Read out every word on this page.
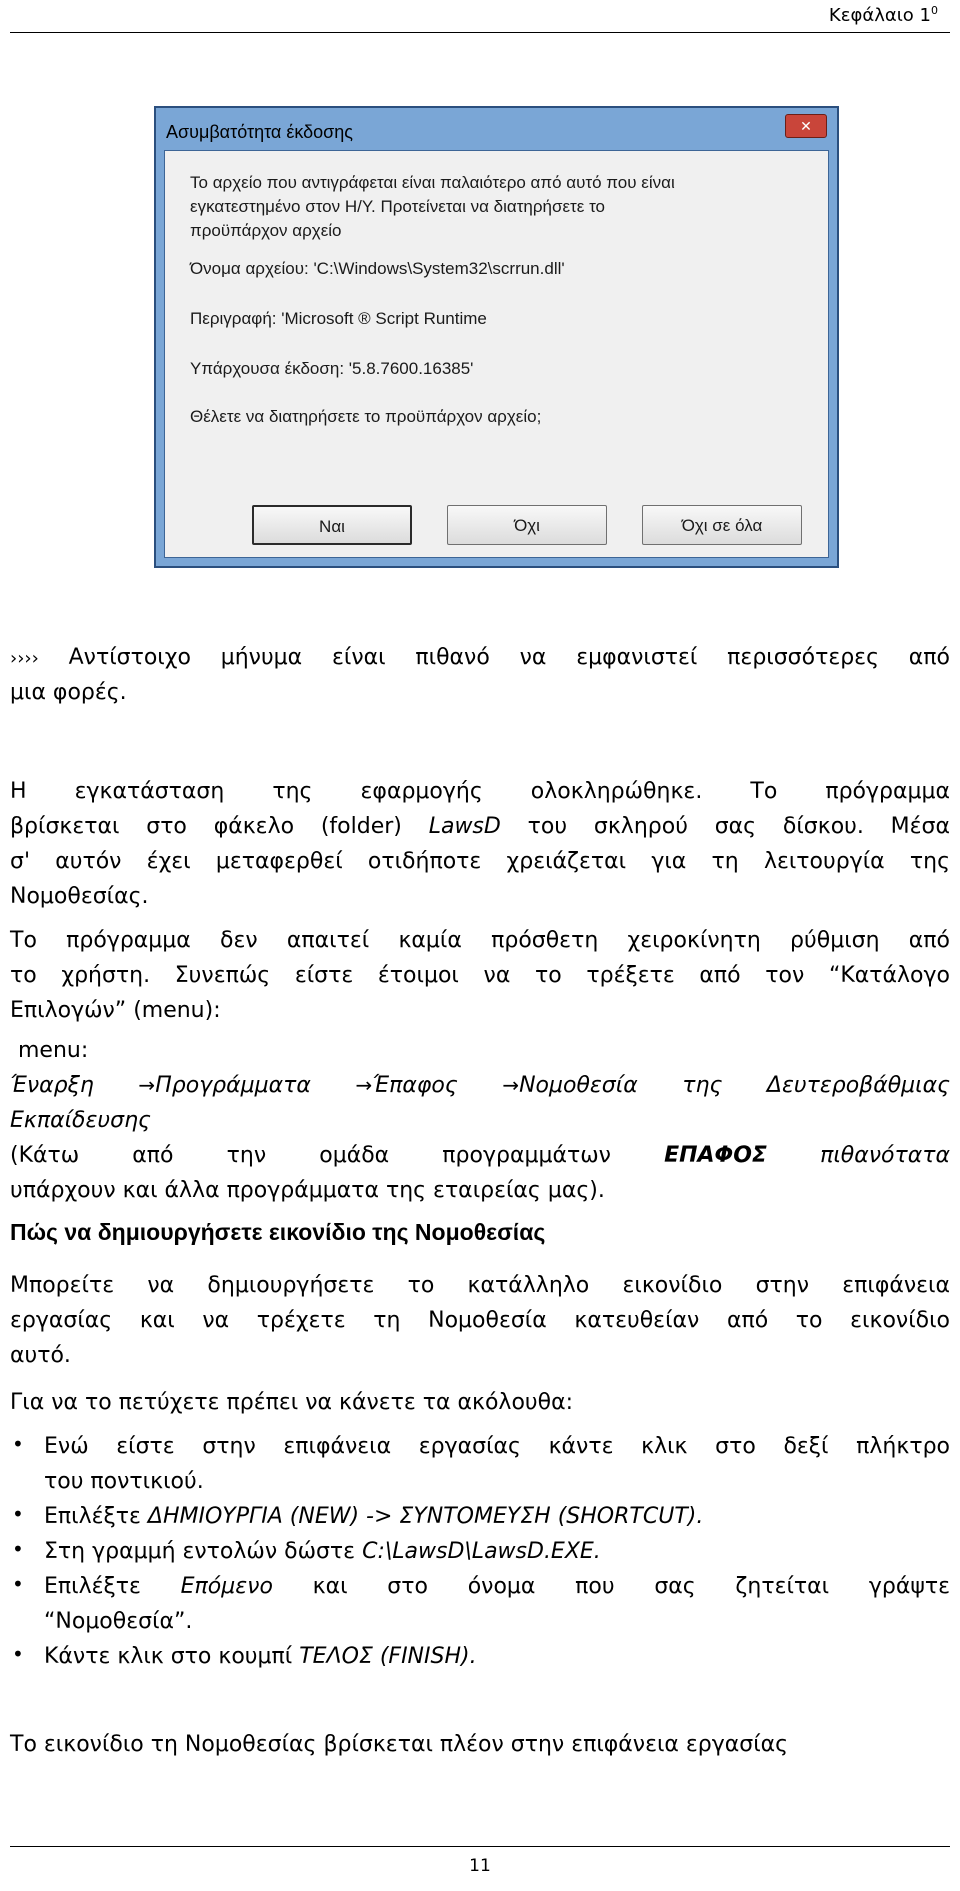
Κεφάλαιο $1^0$
Ασυμβατότητα έκδοσης	✕
Το αρχείο που αντιγράφεται είναι παλαιότερο από αυτό που είναι
εγκατεστημένο στον Η/Υ. Προτείνεται να διατηρήσετε το
προϋπάρχον αρχείο
Όνομα αρχείου: 'C:\Windows\System32\scrrun.dll'
Περιγραφή: 'Microsoft ® Script Runtime
Υπάρχουσα έκδοση: '5.8.7600.16385'
Θέλετε να διατηρήσετε το προϋπάρχον αρχείο;
Ναι	Όχι	Όχι σε όλα
›››› Αντίστοιχο μήνυμα είναι πιθανό να εμφανιστεί περισσότερες από
μια φορές.
Η εγκατάσταση της εφαρμογής ολοκληρώθηκε. Το πρόγραμμα
βρίσκεται στο φάκελο (folder) LawsD του σκληρού σας δίσκου. Μέσα
σ' αυτόν έχει μεταφερθεί οτιδήποτε χρειάζεται για τη λειτουργία της
Νομοθεσίας.
Το πρόγραμμα δεν απαιτεί καμία πρόσθετη χειροκίνητη ρύθμιση από
το χρήστη. Συνεπώς είστε έτοιμοι να το τρέξετε από τον “Κατάλογο
Επιλογών” (menu):
menu:
Έναρξη →Προγράμματα →Έπαφος →Νομοθεσία της Δευτεροβάθμιας
Εκπαίδευσης
(Κάτω από την ομάδα προγραμμάτων ΕΠΑΦΟΣ πιθανότατα
υπάρχουν και άλλα προγράμματα της εταιρείας μας).
Πώς να δημιουργήσετε εικονίδιο της Νομοθεσίας
Μπορείτε να δημιουργήσετε το κατάλληλο εικονίδιο στην επιφάνεια
εργασίας και να τρέχετε τη Νομοθεσία κατευθείαν από το εικονίδιο
αυτό.
Για να το πετύχετε πρέπει να κάνετε τα ακόλουθα:
• Ενώ είστε στην επιφάνεια εργασίας κάντε κλικ στο δεξί πλήκτρο
του ποντικιού.
• Επιλέξτε ΔΗΜΙΟΥΡΓΙΑ (NEW) -> ΣΥΝΤΟΜΕΥΣΗ (SHORTCUT).
• Στη γραμμή εντολών δώστε C:\LawsD\LawsD.EXE.
• Επιλέξτε Επόμενο και στο όνομα που σας ζητείται γράψτε
“Νομοθεσία”.
• Κάντε κλικ στο κουμπί ΤΕΛΟΣ (FINISH).
Το εικονίδιο τη Νομοθεσίας βρίσκεται πλέον στην επιφάνεια εργασίας
11
